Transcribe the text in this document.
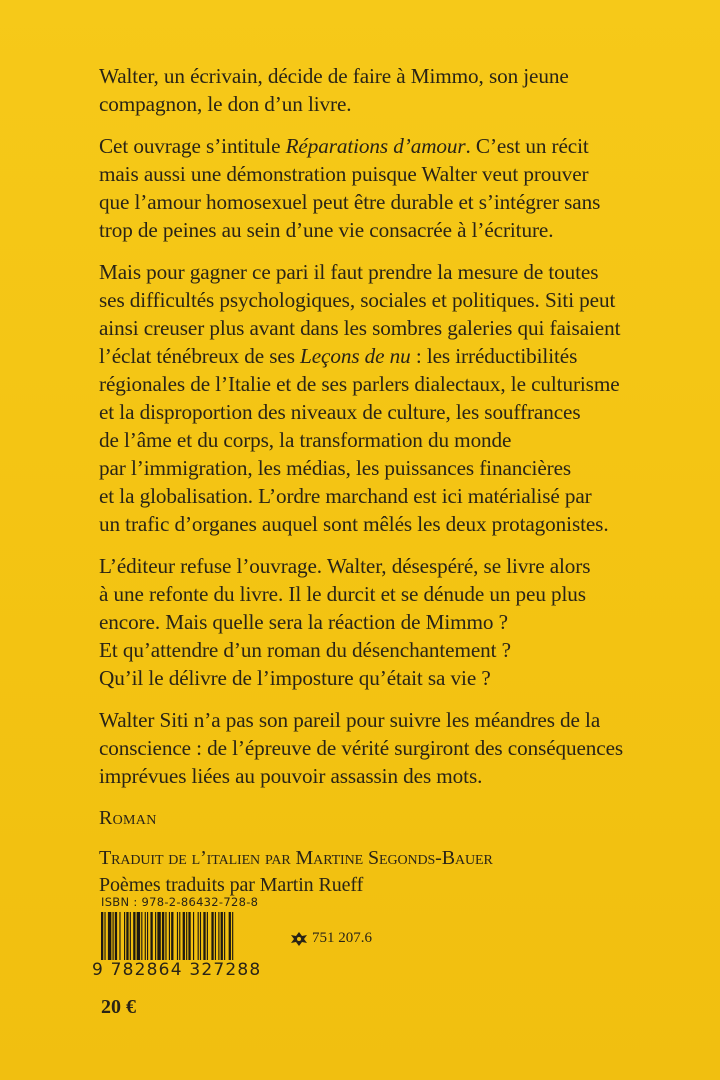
Walter, un écrivain, décide de faire à Mimmo, son jeune
compagnon, le don d’un livre.

Cet ouvrage s’intitule Réparations d’amour. C’est un récit
mais aussi une démonstration puisque Walter veut prouver
que l’amour homosexuel peut être durable et s’intégrer sans
trop de peines au sein d’une vie consacrée à l’écriture.

Mais pour gagner ce pari il faut prendre la mesure de toutes
ses difficultés psychologiques, sociales et politiques. Siti peut
ainsi creuser plus avant dans les sombres galeries qui faisaient
l’éclat ténébreux de ses Leçons de nu : les irréductibilités
régionales de l’Italie et de ses parlers dialectaux, le culturisme
et la disproportion des niveaux de culture, les souffrances
de l’âme et du corps, la transformation du monde
par l’immigration, les médias, les puissances financières
et la globalisation. L’ordre marchand est ici matérialisé par
un trafic d’organes auquel sont mêlés les deux protagonistes.

L’éditeur refuse l’ouvrage. Walter, désespéré, se livre alors
à une refonte du livre. Il le durcit et se dénude un peu plus
encore. Mais quelle sera la réaction de Mimmo ?
Et qu’attendre d’un roman du désenchantement ?
Qu’il le délivre de l’imposture qu’était sa vie ?

Walter Siti n’a pas son pareil pour suivre les méandres de la
conscience : de l’épreuve de vérité surgiront des conséquences
imprévues liées au pouvoir assassin des mots.

Roman

Traduit de l’italien par Martine Segonds-Bauer
Poèmes traduits par Martin Rueff
ISBN : 978-2-86432-728-8
9 782864 327288
20 €
751 207.6
